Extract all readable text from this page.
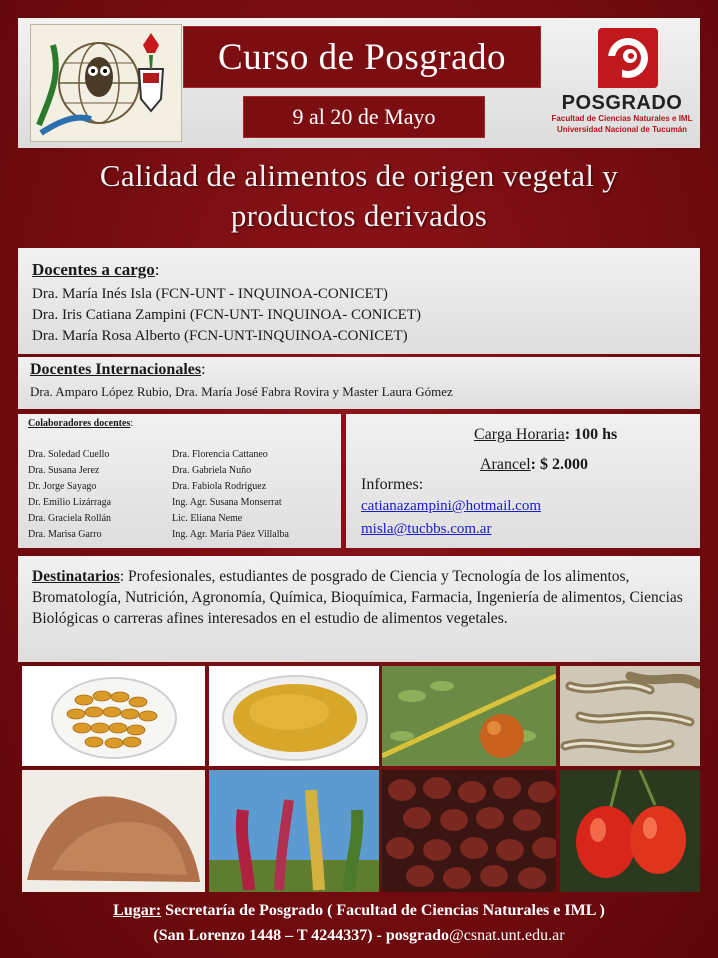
Curso de Posgrado
9 al 20 de Mayo
POSGRADO
Facultad de Ciencias Naturales e IML
Universidad Nacional de Tucumán
Calidad de alimentos de origen vegetal y
productos derivados
Docentes a cargo:
Dra. María Inés Isla (FCN-UNT - INQUINOA-CONICET)
Dra. Iris Catiana Zampini (FCN-UNT- INQUINOA- CONICET)
Dra. María Rosa Alberto (FCN-UNT-INQUINOA-CONICET)
Docentes Internacionales:
Dra. Amparo López Rubio, Dra. María José Fabra Rovira y Master Laura Gómez
Colaboradores docentes:
Dra. Soledad Cuello
Dra. Susana Jerez
Dr. Jorge Sayago
Dr. Emilio Lizárraga
Dra. Graciela Rollán
Dra. Marisa Garro
Dra. Florencia Cattaneo
Dra. Gabriela Nuño
Dra. Fabiola Rodríguez
Ing. Agr. Susana Monserrat
Lic. Eliana Neme
Ing. Agr. María Páez Villalba
Carga Horaria: 100 hs
Arancel: $ 2.000
Informes:
catianazampini@hotmail.com
misla@tucbbs.com.ar
Destinatarios: Profesionales, estudiantes de posgrado de Ciencia y Tecnología de los alimentos, Bromatología, Nutrición, Agronomía, Química, Bioquímica, Farmacia, Ingeniería de alimentos, Ciencias Biológicas o carreras afines interesados en el estudio de alimentos vegetales.
Lugar: Secretaría de Posgrado ( Facultad de Ciencias Naturales e IML )
(San Lorenzo 1448 – T 4244337) - posgrado@csnat.unt.edu.ar
